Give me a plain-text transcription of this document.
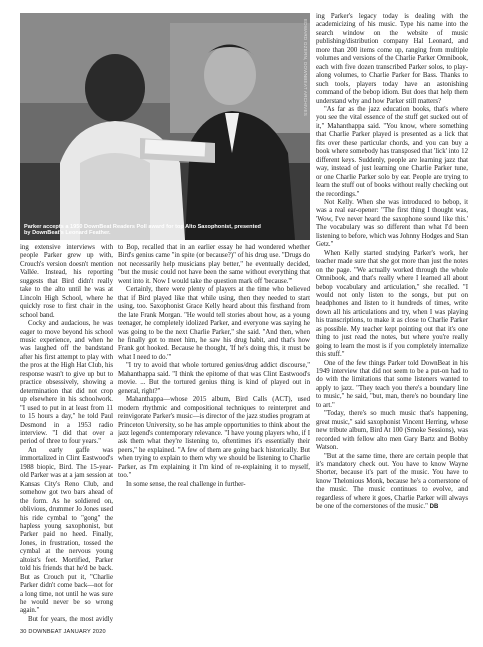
EDWARD OZERN, DOWNBEAT ARCHIVES
Parker accepts a 1950 DownBeat Readers Poll award for top Alto Saxophonist, presented by DownBeat's Leonard Feather.

ing extensive interviews with people Parker grew up with, Crouch's version doesn't mention Vallée. Instead, his reporting suggests that Bird didn't really take to the alto until he was at Lincoln High School, where he quickly rose to first chair in the school band.

Cocky and audacious, he was eager to move beyond his school music experience, and when he was laughed off the bandstand after his first attempt to play with the pros at the High Hat Club, his response wasn't to give up but to practice obsessively, showing a determination that did not crop up elsewhere in his schoolwork. "I used to put in at least from 11 to 15 hours a day," he told Paul Desmond in a 1953 radio interview. "I did that over a period of three to four years."

An early gaffe was immortalized in Clint Eastwood's 1988 biopic, Bird. The 15-year-old Parker was at a jam session at Kansas City's Reno Club, and somehow got two bars ahead of the form. As he soldiered on, oblivious, drummer Jo Jones used his ride cymbal to "gong" the hapless young saxophonist, but Parker paid no heed. Finally, Jones, in frustration, tossed the cymbal at the nervous young altoist's feet. Mortified, Parker told his friends that he'd be back. But as Crouch put it, "Charlie Parker didn't come back—not for a long time, not until he was sure he would never be so wrong again."

But for years, the most avidly

to Bop, recalled that in an earlier essay he had wondered whether Bird's genius came "in spite (or because?)" of his drug use. "Drugs do not necessarily help musicians play better," he eventually decided, "but the music could not have been the same without everything that went into it. Now I would take the question mark off 'because.'"

Certainly, there were plenty of players at the time who believed that if Bird played like that while using, then they needed to start using, too. Saxophonist Grace Kelly heard about this firsthand from the late Frank Morgan. "He would tell stories about how, as a young teenager, he completely idolized Parker, and everyone was saying he was going to be the next Charlie Parker," she said. "And then, when he finally got to meet him, he saw his drug habit, and that's how Frank got hooked. Because he thought, 'If he's doing this, it must be what I need to do.'"

"I try to avoid that whole tortured genius/drug addict discourse," Mahanthappa said. "I think the epitome of that was Clint Eastwood's movie. ... But the tortured genius thing is kind of played out in general, right?"

Mahanthappa—whose 2015 album, Bird Calls (ACT), used modern rhythmic and compositional techniques to reinterpret and reinvigorate Parker's music—is director of the jazz studies program at Princeton University, so he has ample opportunities to think about the jazz legend's contemporary relevance. "I have young players who, if I ask them what they're listening to, oftentimes it's essentially their peers," he explained. "A few of them are going back historically. But when trying to explain to them why we should be listening to Charlie Parker, as I'm explaining it I'm kind of re-explaining it to myself, too."

In some sense, the real challenge in further-

ing Parker's legacy today is dealing with the academicizing of his music. Type his name into the search window on the website of music publishing/distribution company Hal Leonard, and more than 200 items come up, ranging from multiple volumes and versions of the Charlie Parker Omnibook, each with five dozen transcribed Parker solos, to play-along volumes, to Charlie Parker for Bass. Thanks to such tools, players today have an astonishing command of the bebop idiom. But does that help them understand why and how Parker still matters?

"As far as the jazz education books, that's where you see the vital essence of the stuff get sucked out of it," Mahanthappa said. "You know, where something that Charlie Parker played is presented as a lick that fits over these particular chords, and you can buy a book where somebody has transposed that 'lick' into 12 different keys. Suddenly, people are learning jazz that way, instead of just learning one Charlie Parker tune, or one Charlie Parker solo by ear. People are trying to learn the stuff out of books without really checking out the recordings."

Not Kelly. When she was introduced to bebop, it was a real ear-opener: "The first thing I thought was, 'Wow, I've never heard the saxophone sound like this.' The vocabulary was so different than what I'd been listening to before, which was Johnny Hodges and Stan Getz."

When Kelly started studying Parker's work, her teacher made sure that she got more than just the notes on the page. "We actually worked through the whole Omnibook, and that's really where I learned all about bebop vocabulary and articulation," she recalled. "I would not only listen to the songs, but put on headphones and listen to it hundreds of times, write down all his articulations and try, when I was playing his transcriptions, to make it as close to Charlie Parker as possible. My teacher kept pointing out that it's one thing to just read the notes, but where you're really going to learn the most is if you completely internalize this stuff."

One of the few things Parker told DownBeat in his 1949 interview that did not seem to be a put-on had to do with the limitations that some listeners wanted to apply to jazz. "They teach you there's a boundary line to music," he said, "but, man, there's no boundary line to art."

"Today, there's so much music that's happening, great music," said saxophonist Vincent Herring, whose new tribute album, Bird At 100 (Smoke Sessions), was recorded with fellow alto men Gary Bartz and Bobby Watson.

"But at the same time, there are certain people that it's mandatory check out. You have to know Wayne Shorter, because it's part of the music. You have to know Thelonious Monk, because he's a cornerstone of the music. The music continues to evolve, and regardless of where it goes, Charlie Parker will always be one of the cornerstones of the music." DB

30 DOWNBEAT JANUARY 2020
